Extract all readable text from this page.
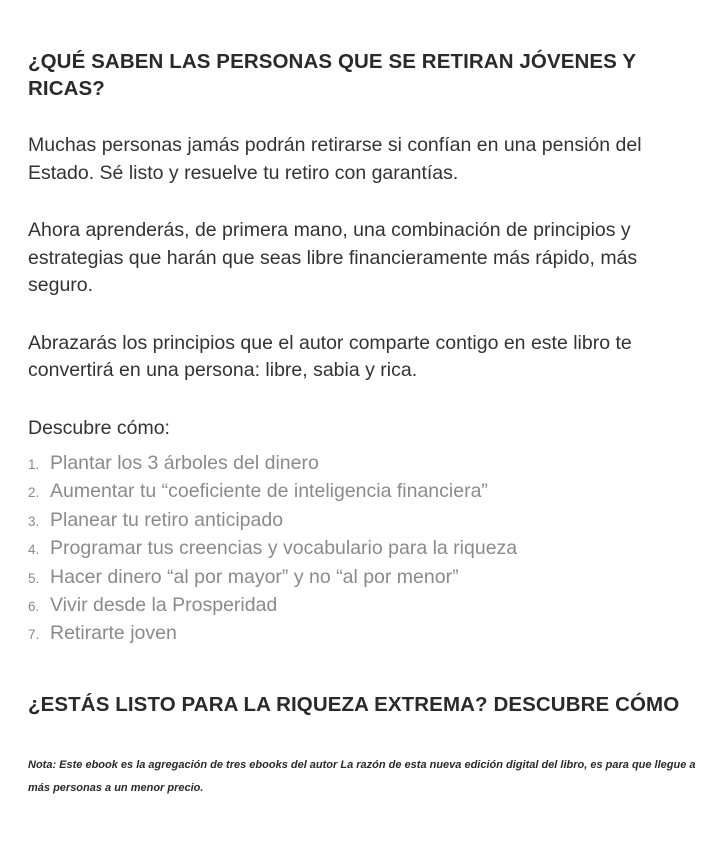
¿QUÉ SABEN LAS PERSONAS QUE SE RETIRAN JÓVENES Y RICAS?

Muchas personas jamás podrán retirarse si confían en una pensión del Estado. Sé listo y resuelve tu retiro con garantías.

Ahora aprenderás, de primera mano, una combinación de principios y estrategias que harán que seas libre financieramente más rápido, más seguro.

Abrazarás los principios que el autor comparte contigo en este libro te convertirá en una persona: libre, sabia y rica.

Descubre cómo:

1. Plantar los 3 árboles del dinero
2. Aumentar tu “coeficiente de inteligencia financiera”
3. Planear tu retiro anticipado
4. Programar tus creencias y vocabulario para la riqueza
5. Hacer dinero “al por mayor” y no “al por menor”
6. Vivir desde la Prosperidad
7. Retirarte joven
¿ESTÁS LISTO PARA LA RIQUEZA EXTREMA? DESCUBRE CÓMO

Nota: Este ebook es la agregación de tres ebooks del autor La razón de esta nueva edición digital del libro, es para que llegue a más personas a un menor precio.
